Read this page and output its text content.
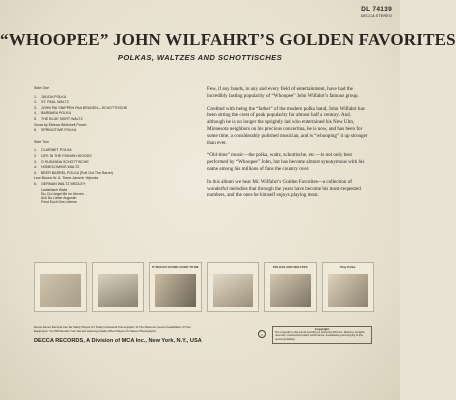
DL 74139
DECCA STEREO
“WHOOPEE” JOHN WILFAHRT’S GOLDEN FAVORITES
POLKAS, WALTZES AND SCHOTTISCHES
Side One
1.	JULIDA POLKA
2.	ST. PAUL WALTZ
3.	JOHN PAI SNIPPEN PAA BRUDEN—SCHOTTISCHE
4.	BARBARA POLKA
5.	THE BLUE SKIRT WALTZ
Vocal by Ebiena Whitchell Punch
6.	SPRINGTIME POLKA
Side Two
1.	CLARINET POLKA
2.	LIFE IN THE FINNISH WOODS
3.	O SUSANNA SCHOTTISCHE
4.	HOMECOMING WALTZ
5.	BEER BARREL POLKA (Roll Out The Barrel)
Lew Brown-W. A. Timm-Jaromir Vejvoda
6.	GERMAN WALTZ MEDLEY:
Lauterbach Waltz
Du, Du Liegst Mir Im Herzen
Ach Du Lieber Augustin
Freut Euch Des Lebens

Few, if any bands, in any and every field of entertainment, have had the incredibly lasting popularity of “Whoopee” John Wilfahrt’s famous group.

Credited with being the “father” of the modern polka band, John Wilfahrt has been sitting the crest of peak popularity for almost half a century. And, although he is no longer the sprightly lad who entertained his New Ulm, Minnesota neighbors on his precious concertina, he is now, and has been for some time, a considerably polished musician, and is “whooping” it up stronger than ever.

“Old-time” music—the polka, waltz, schottische, etc.—is not only best performed by “Whoopee” John, but has become almost synonymous with his name among his millions of fans the country over.

In this album we hear Mr. Wilfahrt’s Golden Favorites—a collection of wonderful melodies that through the years have become his most-requested numbers, and the ones he himself enjoys playing most.

IT WOULD SOUND GOOD TO ME	POLKAS AND WALTZES	Play Polka
Decca Stereo Records Can Be Safely Played On Today's Monaural Phonographs To The Maximum Sound Capabilities Of Your Equipment. You Will Reorder Your Record Listening Quality When Played On Stereo Phonographs.
DECCA RECORDS, A Division of MCA Inc., New York, N.Y., USA
•
Copyright
The copyright in this sound recording is owned by MCA Inc. Warning: all rights reserved; unauthorized public performance, broadcasting and copying of this record prohibited.
